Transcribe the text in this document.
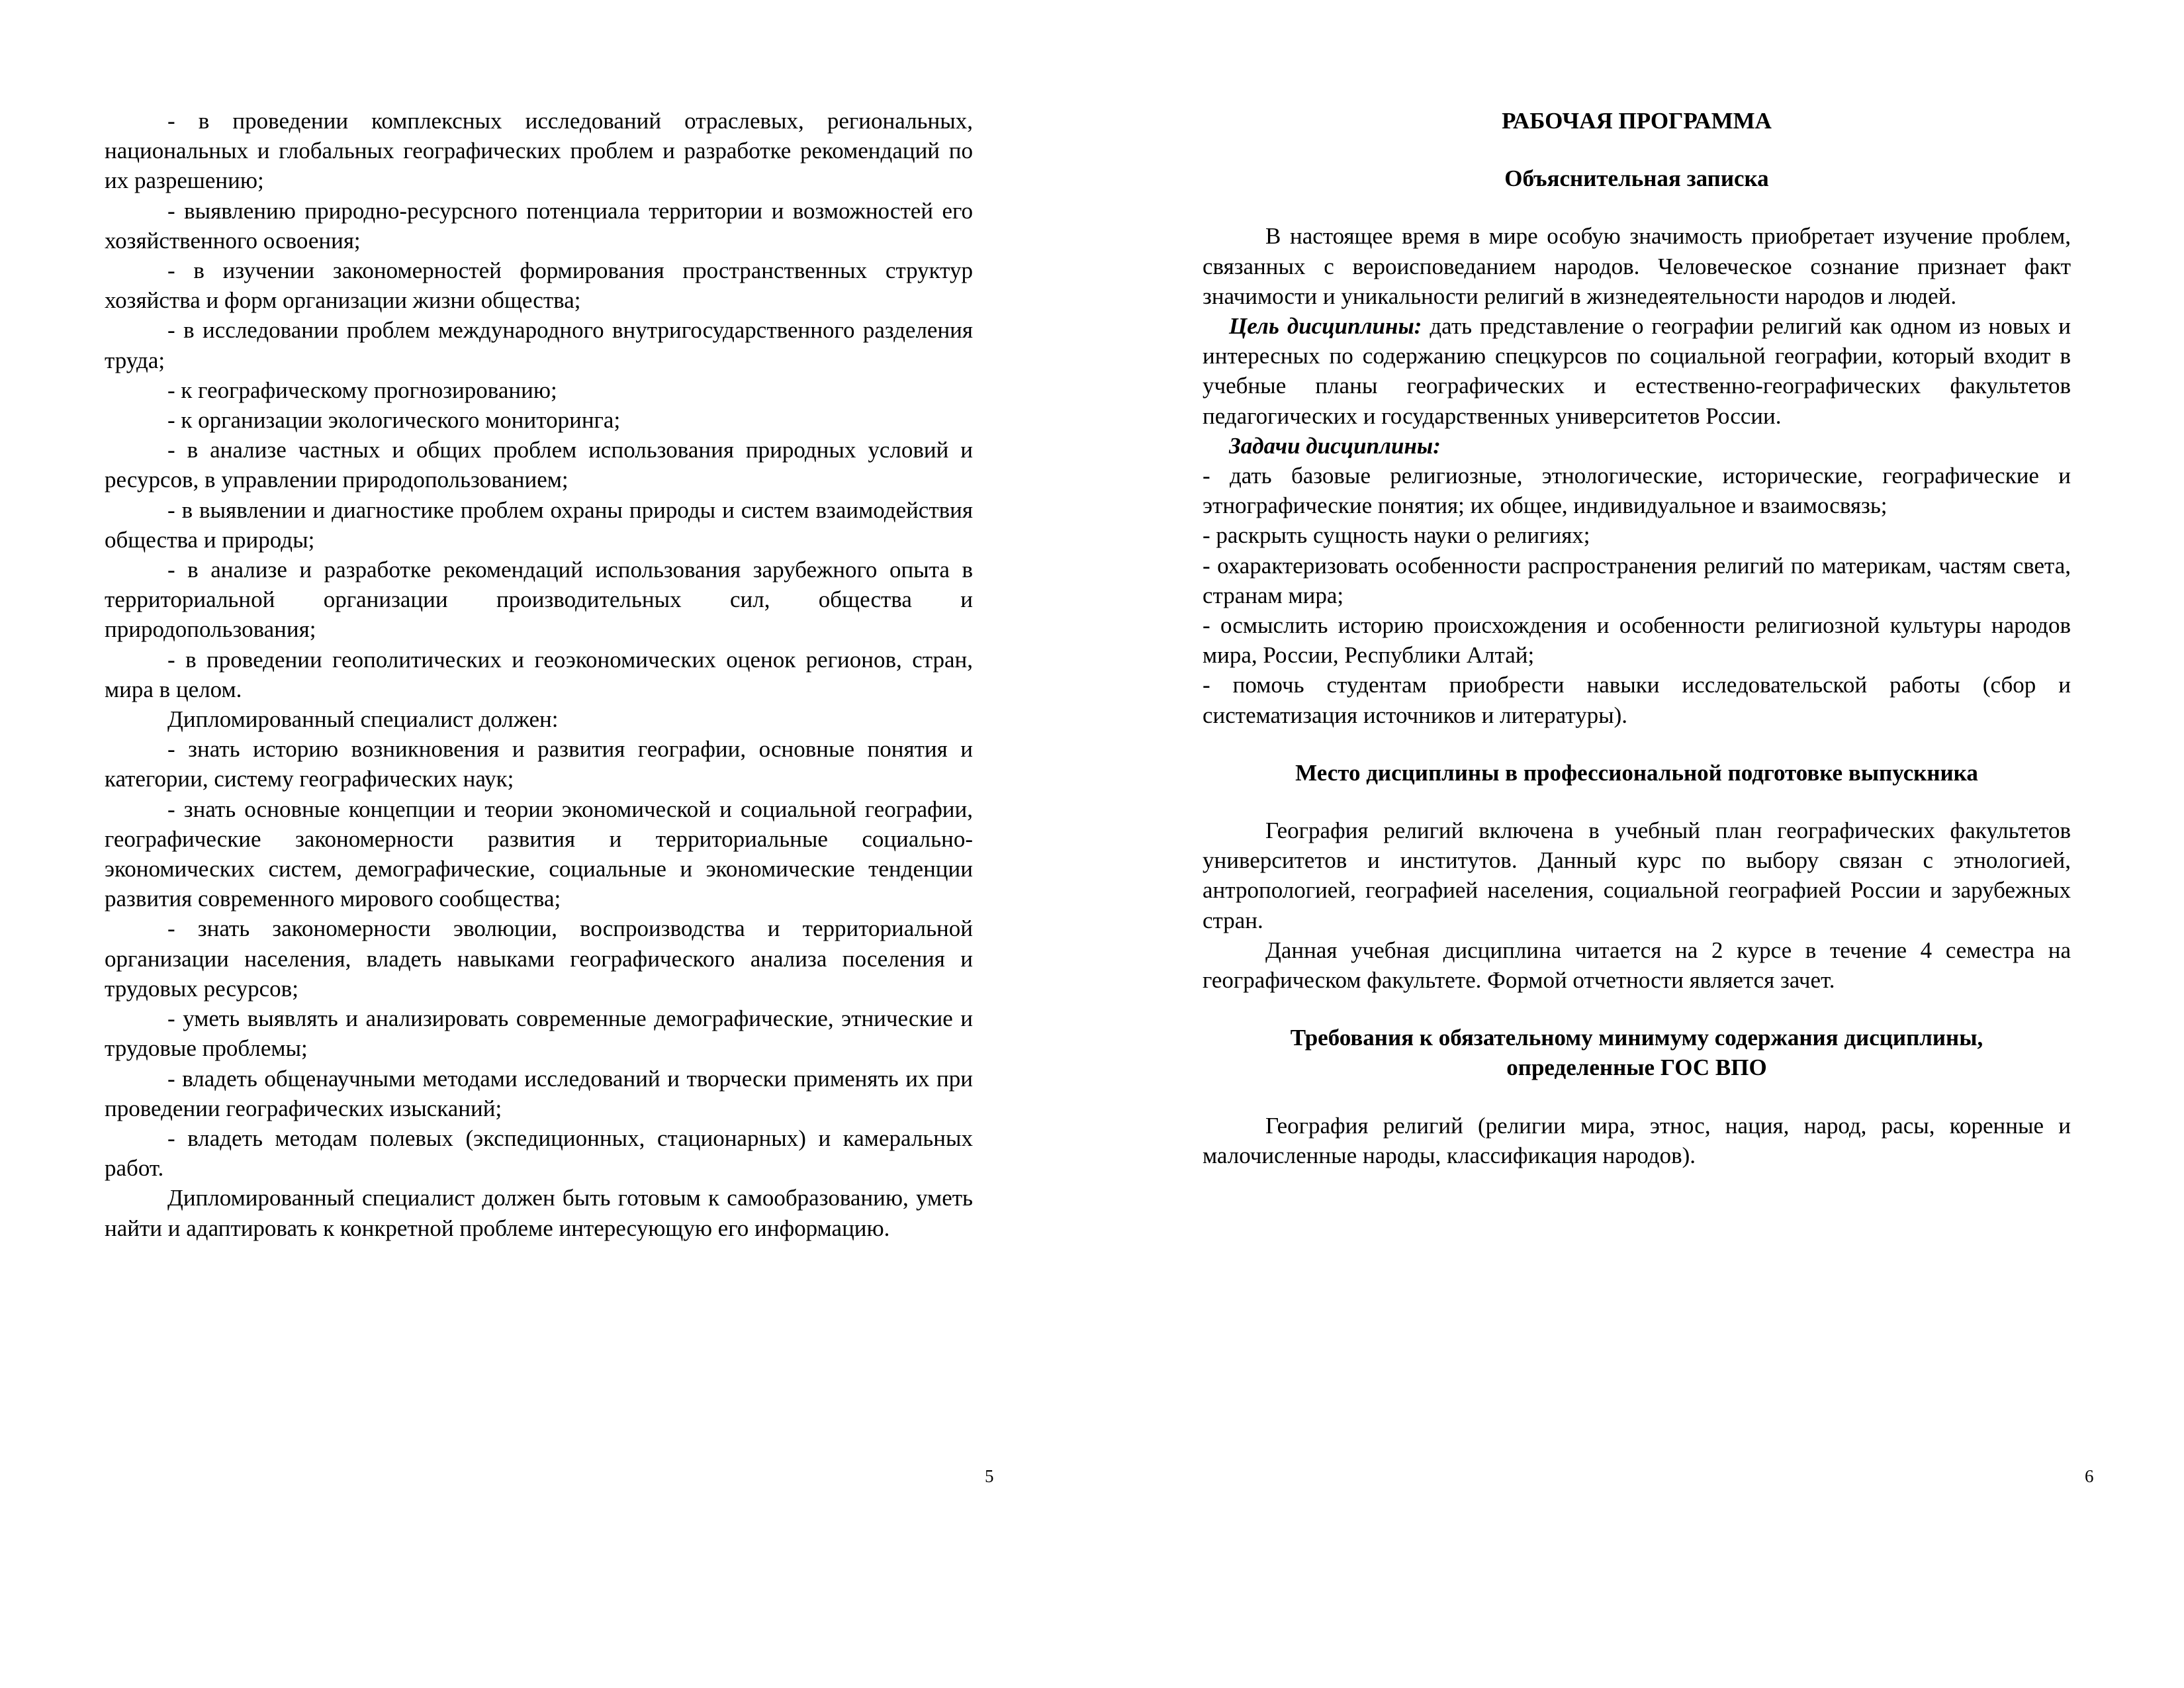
- в проведении комплексных исследований отраслевых, региональных, национальных и глобальных географических проблем и разработке рекомендаций по их разрешению;

- выявлению природно-ресурсного потенциала территории и возможностей его хозяйственного освоения;

- в изучении закономерностей формирования пространственных структур хозяйства и форм организации жизни общества;

- в исследовании проблем международного внутригосударственного разделения труда;

- к географическому прогнозированию;

- к организации экологического мониторинга;

- в анализе частных и общих проблем использования природных условий и ресурсов, в управлении природопользованием;

- в выявлении и диагностике проблем охраны природы и систем взаимодействия общества и природы;

- в анализе и разработке рекомендаций использования зарубежного опыта в территориальной организации производительных сил, общества и природопользования;

- в проведении геополитических и геоэкономических оценок регионов, стран, мира в целом.

Дипломированный специалист должен:

- знать историю возникновения и развития географии, основные понятия и категории, систему географических наук;

- знать основные концепции и теории экономической и социальной географии, географические закономерности развития и территориальные социально-экономических систем, демографические, социальные и экономические тенденции развития современного мирового сообщества;

- знать закономерности эволюции, воспроизводства и территориальной организации населения, владеть навыками географического анализа поселения и трудовых ресурсов;

- уметь выявлять и анализировать современные демографические, этнические и трудовые проблемы;

- владеть общенаучными методами исследований и творчески применять их при проведении географических изысканий;

- владеть методам полевых (экспедиционных, стационарных) и камеральных работ.

Дипломированный специалист должен быть готовым к самообразованию, уметь найти и адаптировать к конкретной проблеме интересующую его информацию.

5

РАБОЧАЯ ПРОГРАММА

Объяснительная записка

В настоящее время в мире особую значимость приобретает изучение проблем, связанных с вероисповеданием народов. Человеческое сознание признает факт значимости и уникальности религий в жизнедеятельности народов и людей.

Цель дисциплины: дать представление о географии религий как одном из новых и интересных по содержанию спецкурсов по социальной географии, который входит в учебные планы географических и естественно-географических факультетов педагогических и государственных университетов России.

Задачи дисциплины:

- дать базовые религиозные, этнологические, исторические, географические и этнографические понятия; их общее, индивидуальное и взаимосвязь;

- раскрыть сущность науки о религиях;

- охарактеризовать особенности распространения религий по материкам, частям света, странам мира;

- осмыслить историю происхождения и особенности религиозной культуры народов мира, России, Республики Алтай;

- помочь студентам приобрести навыки исследовательской работы (сбор и систематизация источников и литературы).

Место дисциплины в профессиональной подготовке выпускника

География религий включена в учебный план географических факультетов университетов и институтов. Данный курс по выбору связан с этнологией, антропологией, географией населения, социальной географией России и зарубежных стран.

Данная учебная дисциплина читается на 2 курсе в течение 4 семестра на географическом факультете. Формой отчетности является зачет.

Требования к обязательному минимуму содержания дисциплины,

определенные ГОС ВПО

География религий (религии мира, этнос, нация, народ, расы, коренные и малочисленные народы, классификация народов).

6
